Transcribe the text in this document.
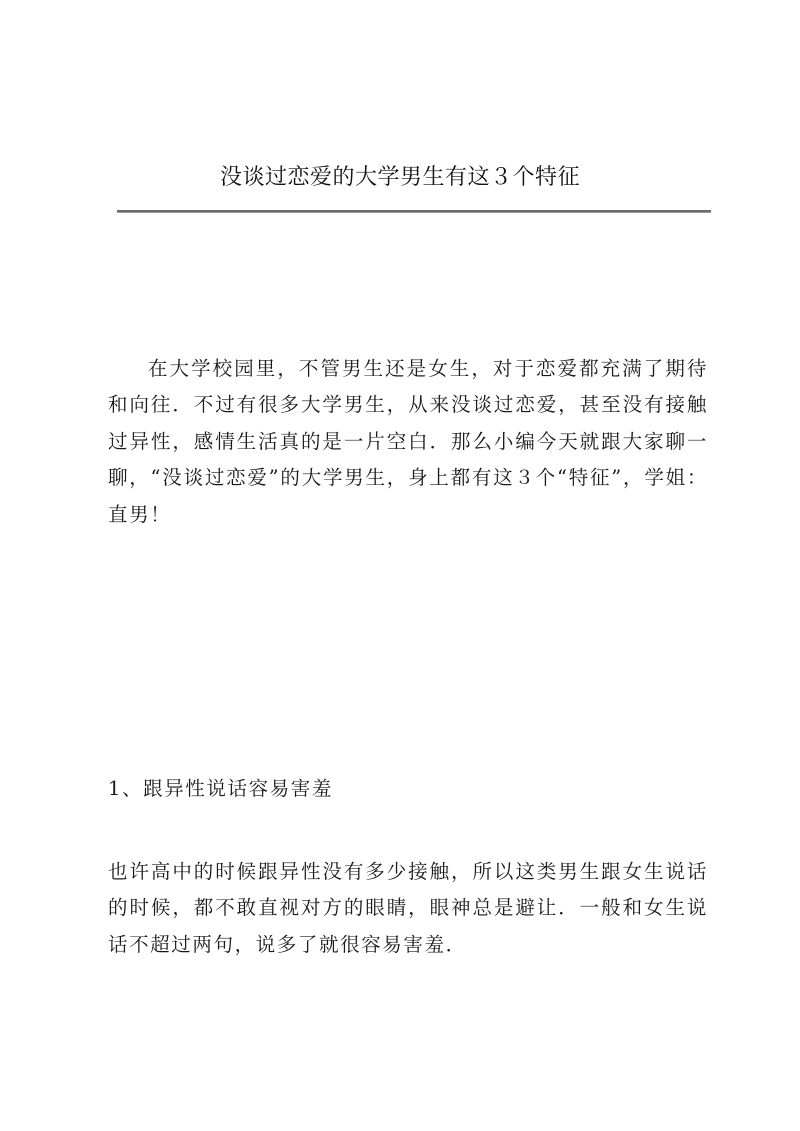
没谈过恋爱的大学男生有这３个特征

在大学校园里，不管男生还是女生，对于恋爱都充满了期待和向往．不过有很多大学男生，从来没谈过恋爱，甚至没有接触过异性，感情生活真的是一片空白．那么小编今天就跟大家聊一聊，“没谈过恋爱”的大学男生，身上都有这３个“特征”，学姐：直男！

1、跟异性说话容易害羞

也许高中的时候跟异性没有多少接触，所以这类男生跟女生说话的时候，都不敢直视对方的眼睛，眼神总是避让．一般和女生说话不超过两句，说多了就很容易害羞．
